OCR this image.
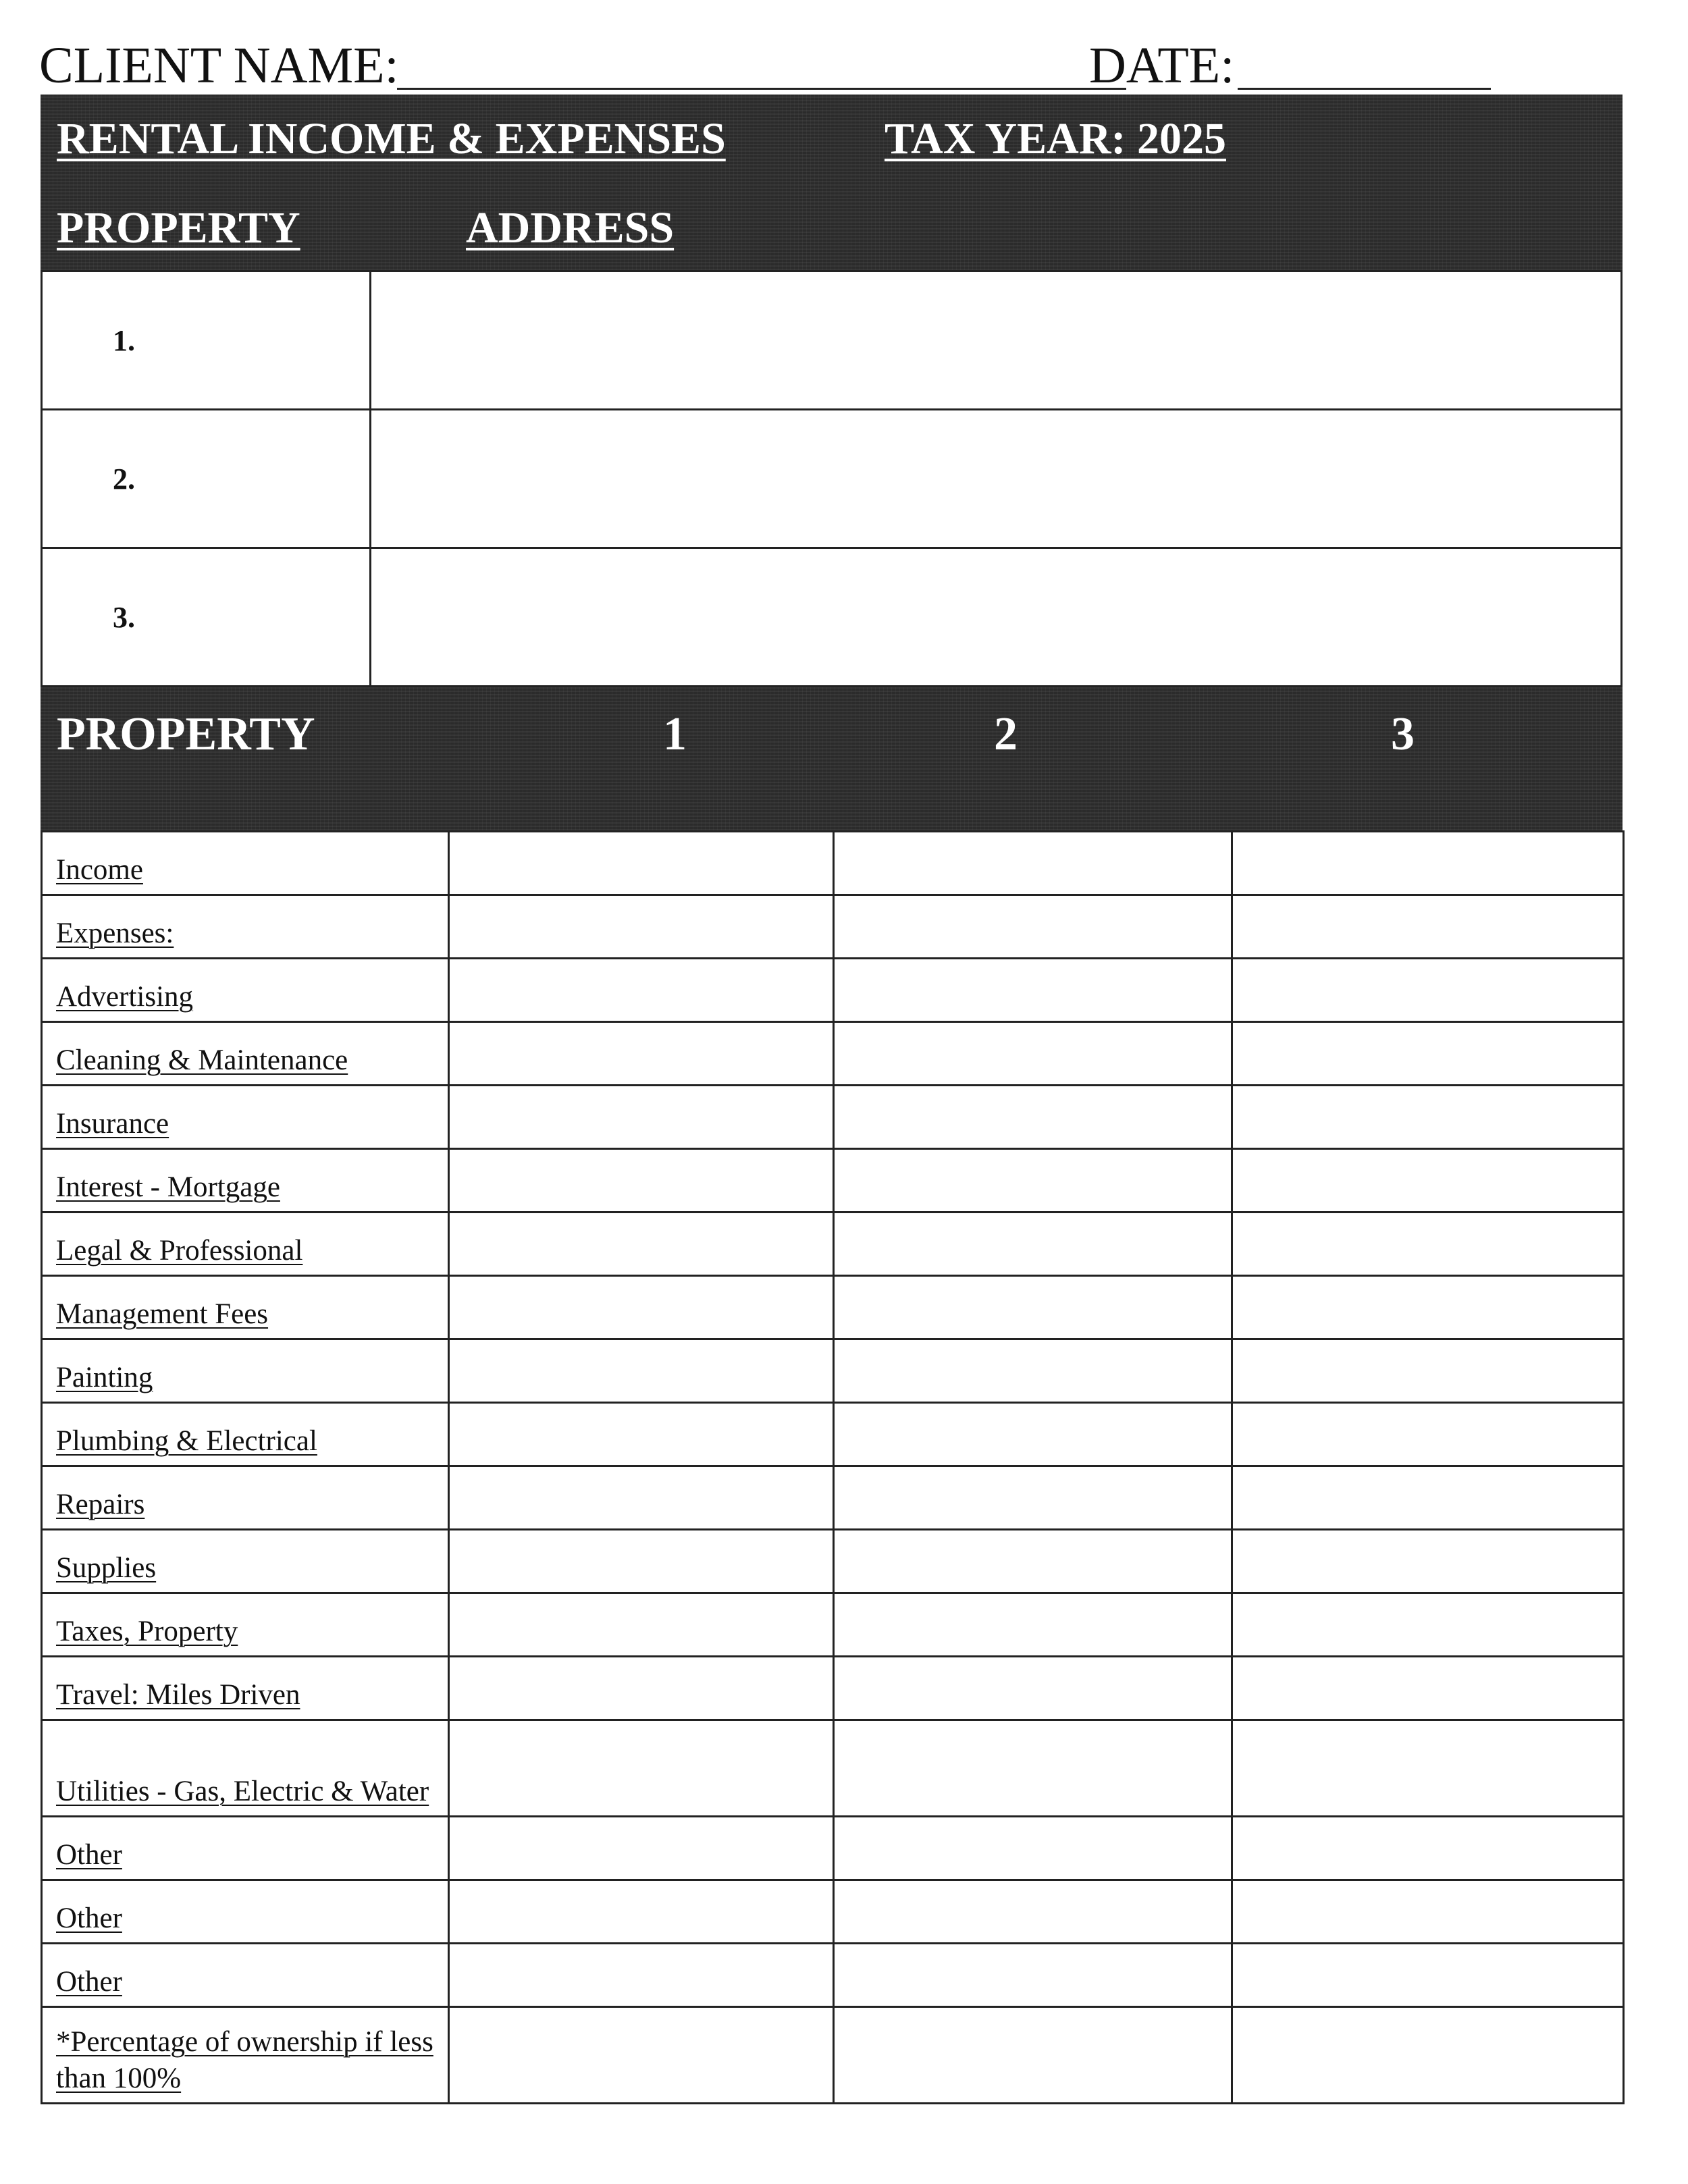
CLIENT NAME:	DATE:
RENTAL INCOME & EXPENSES	TAX YEAR: 2025
PROPERTY	ADDRESS
1.	
2.	
3.	
PROPERTY	1	2	3
Income			
Expenses:			
Advertising			
Cleaning & Maintenance			
Insurance			
Interest - Mortgage			
Legal & Professional			
Management Fees			
Painting			
Plumbing & Electrical			
Repairs			
Supplies			
Taxes, Property			
Travel: Miles Driven			
Utilities - Gas, Electric & Water			
Other			
Other			
Other			
*Percentage of ownership if less than 100%			
